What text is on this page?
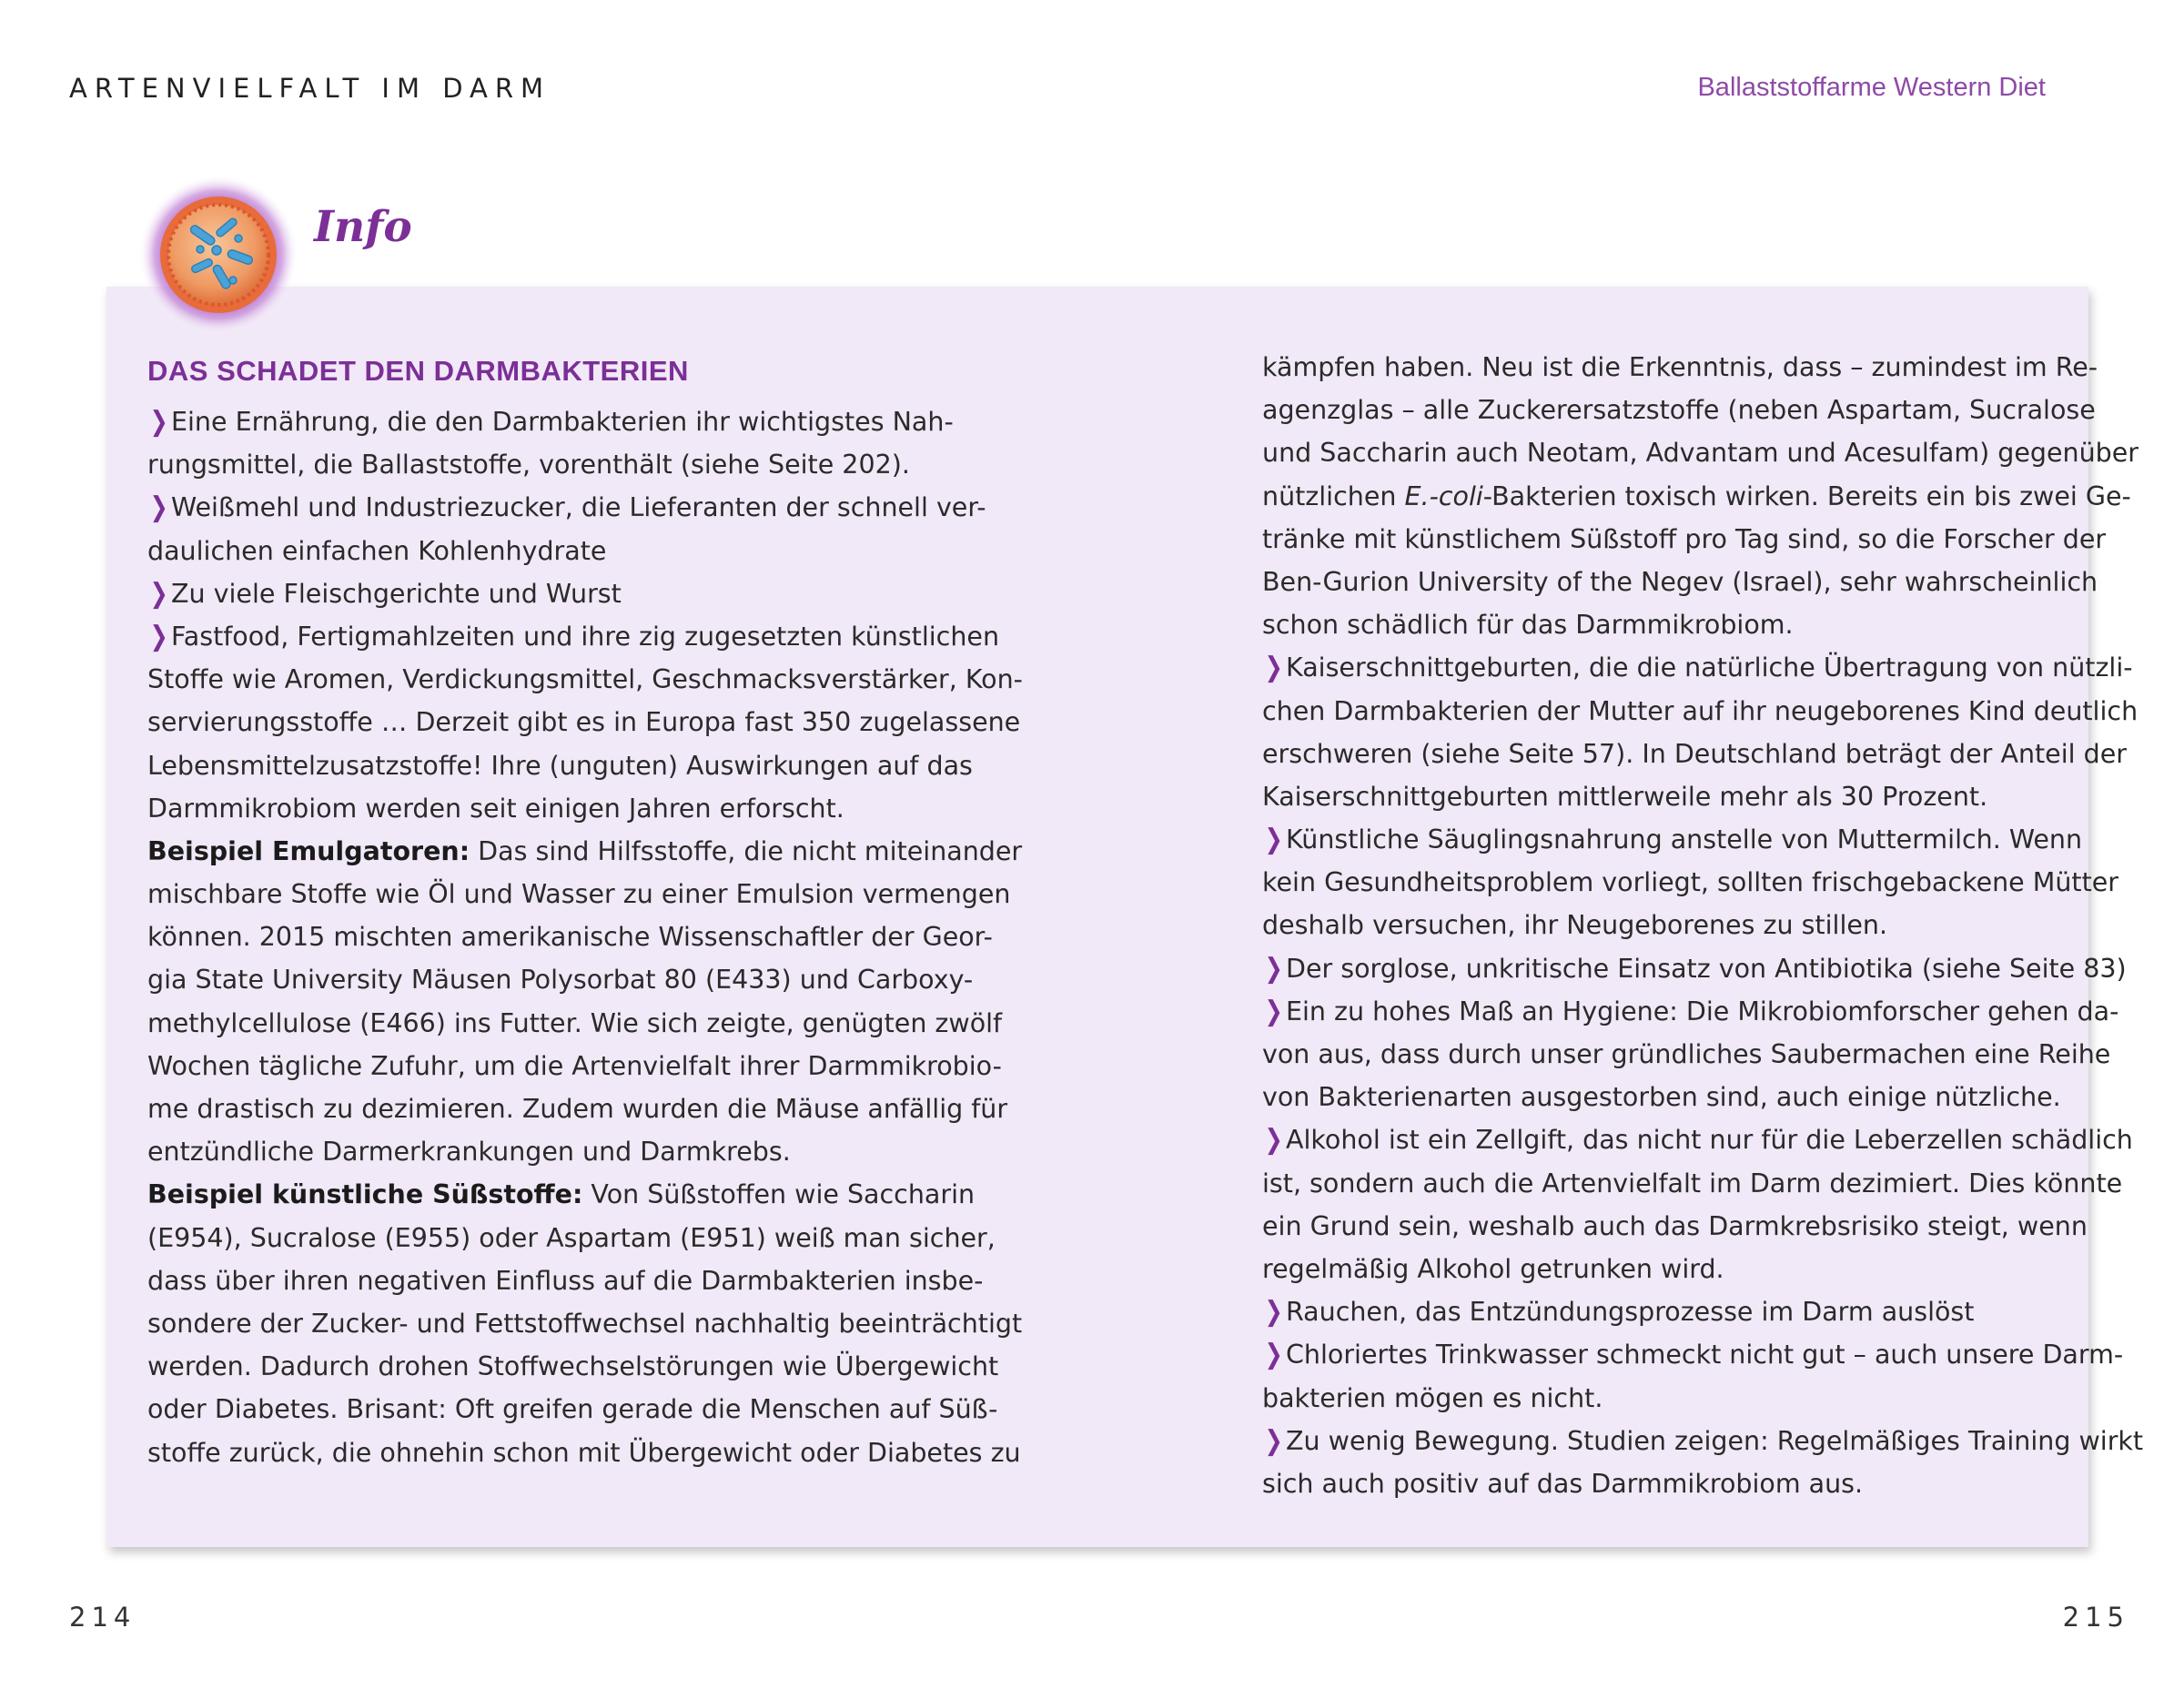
ARTENVIELFALT IM DARM	Ballaststoffarme Western Diet
Info
DAS SCHADET DEN DARMBAKTERIEN
❯ Eine Ernährung, die den Darmbakterien ihr wichtigstes Nah-
rungsmittel, die Ballaststoffe, vorenthält (siehe Seite 202).
❯ Weißmehl und Industriezucker, die Lieferanten der schnell ver-
daulichen einfachen Kohlenhydrate
❯ Zu viele Fleischgerichte und Wurst
❯ Fastfood, Fertigmahlzeiten und ihre zig zugesetzten künstlichen
Stoffe wie Aromen, Verdickungsmittel, Geschmacksverstärker, Kon-
servierungsstoffe … Derzeit gibt es in Europa fast 350 zugelassene
Lebensmittelzusatzstoffe! Ihre (unguten) Auswirkungen auf das
Darmmikrobiom werden seit einigen Jahren erforscht.
Beispiel Emulgatoren: Das sind Hilfsstoffe, die nicht miteinander
mischbare Stoffe wie Öl und Wasser zu einer Emulsion vermengen
können. 2015 mischten amerikanische Wissenschaftler der Geor-
gia State University Mäusen Polysorbat 80 (E433) und Carboxy-
methylcellulose (E466) ins Futter. Wie sich zeigte, genügten zwölf
Wochen tägliche Zufuhr, um die Artenvielfalt ihrer Darmmikrobio-
me drastisch zu dezimieren. Zudem wurden die Mäuse anfällig für
entzündliche Darmerkrankungen und Darmkrebs.
Beispiel künstliche Süßstoffe: Von Süßstoffen wie Saccharin
(E954), Sucralose (E955) oder Aspartam (E951) weiß man sicher,
dass über ihren negativen Einfluss auf die Darmbakterien insbe-
sondere der Zucker- und Fettstoffwechsel nachhaltig beeinträchtigt
werden. Dadurch drohen Stoffwechselstörungen wie Übergewicht
oder Diabetes. Brisant: Oft greifen gerade die Menschen auf Süß-
stoffe zurück, die ohnehin schon mit Übergewicht oder Diabetes zu
kämpfen haben. Neu ist die Erkenntnis, dass – zumindest im Re-
agenzglas – alle Zuckerersatzstoffe (neben Aspartam, Sucralose
und Saccharin auch Neotam, Advantam und Acesulfam) gegenüber
nützlichen E.-coli-Bakterien toxisch wirken. Bereits ein bis zwei Ge-
tränke mit künstlichem Süßstoff pro Tag sind, so die Forscher der
Ben-Gurion University of the Negev (Israel), sehr wahrscheinlich
schon schädlich für das Darmmikrobiom.
❯ Kaiserschnittgeburten, die die natürliche Übertragung von nützli-
chen Darmbakterien der Mutter auf ihr neugeborenes Kind deutlich
erschweren (siehe Seite 57). In Deutschland beträgt der Anteil der
Kaiserschnittgeburten mittlerweile mehr als 30 Prozent.
❯ Künstliche Säuglingsnahrung anstelle von Muttermilch. Wenn
kein Gesundheitsproblem vorliegt, sollten frischgebackene Mütter
deshalb versuchen, ihr Neugeborenes zu stillen.
❯ Der sorglose, unkritische Einsatz von Antibiotika (siehe Seite 83)
❯ Ein zu hohes Maß an Hygiene: Die Mikrobiomforscher gehen da-
von aus, dass durch unser gründliches Saubermachen eine Reihe
von Bakterienarten ausgestorben sind, auch einige nützliche.
❯ Alkohol ist ein Zellgift, das nicht nur für die Leberzellen schädlich
ist, sondern auch die Artenvielfalt im Darm dezimiert. Dies könnte
ein Grund sein, weshalb auch das Darmkrebsrisiko steigt, wenn
regelmäßig Alkohol getrunken wird.
❯ Rauchen, das Entzündungsprozesse im Darm auslöst
❯ Chloriertes Trinkwasser schmeckt nicht gut – auch unsere Darm-
bakterien mögen es nicht.
❯ Zu wenig Bewegung. Studien zeigen: Regelmäßiges Training wirkt
sich auch positiv auf das Darmmikrobiom aus.
214	215
